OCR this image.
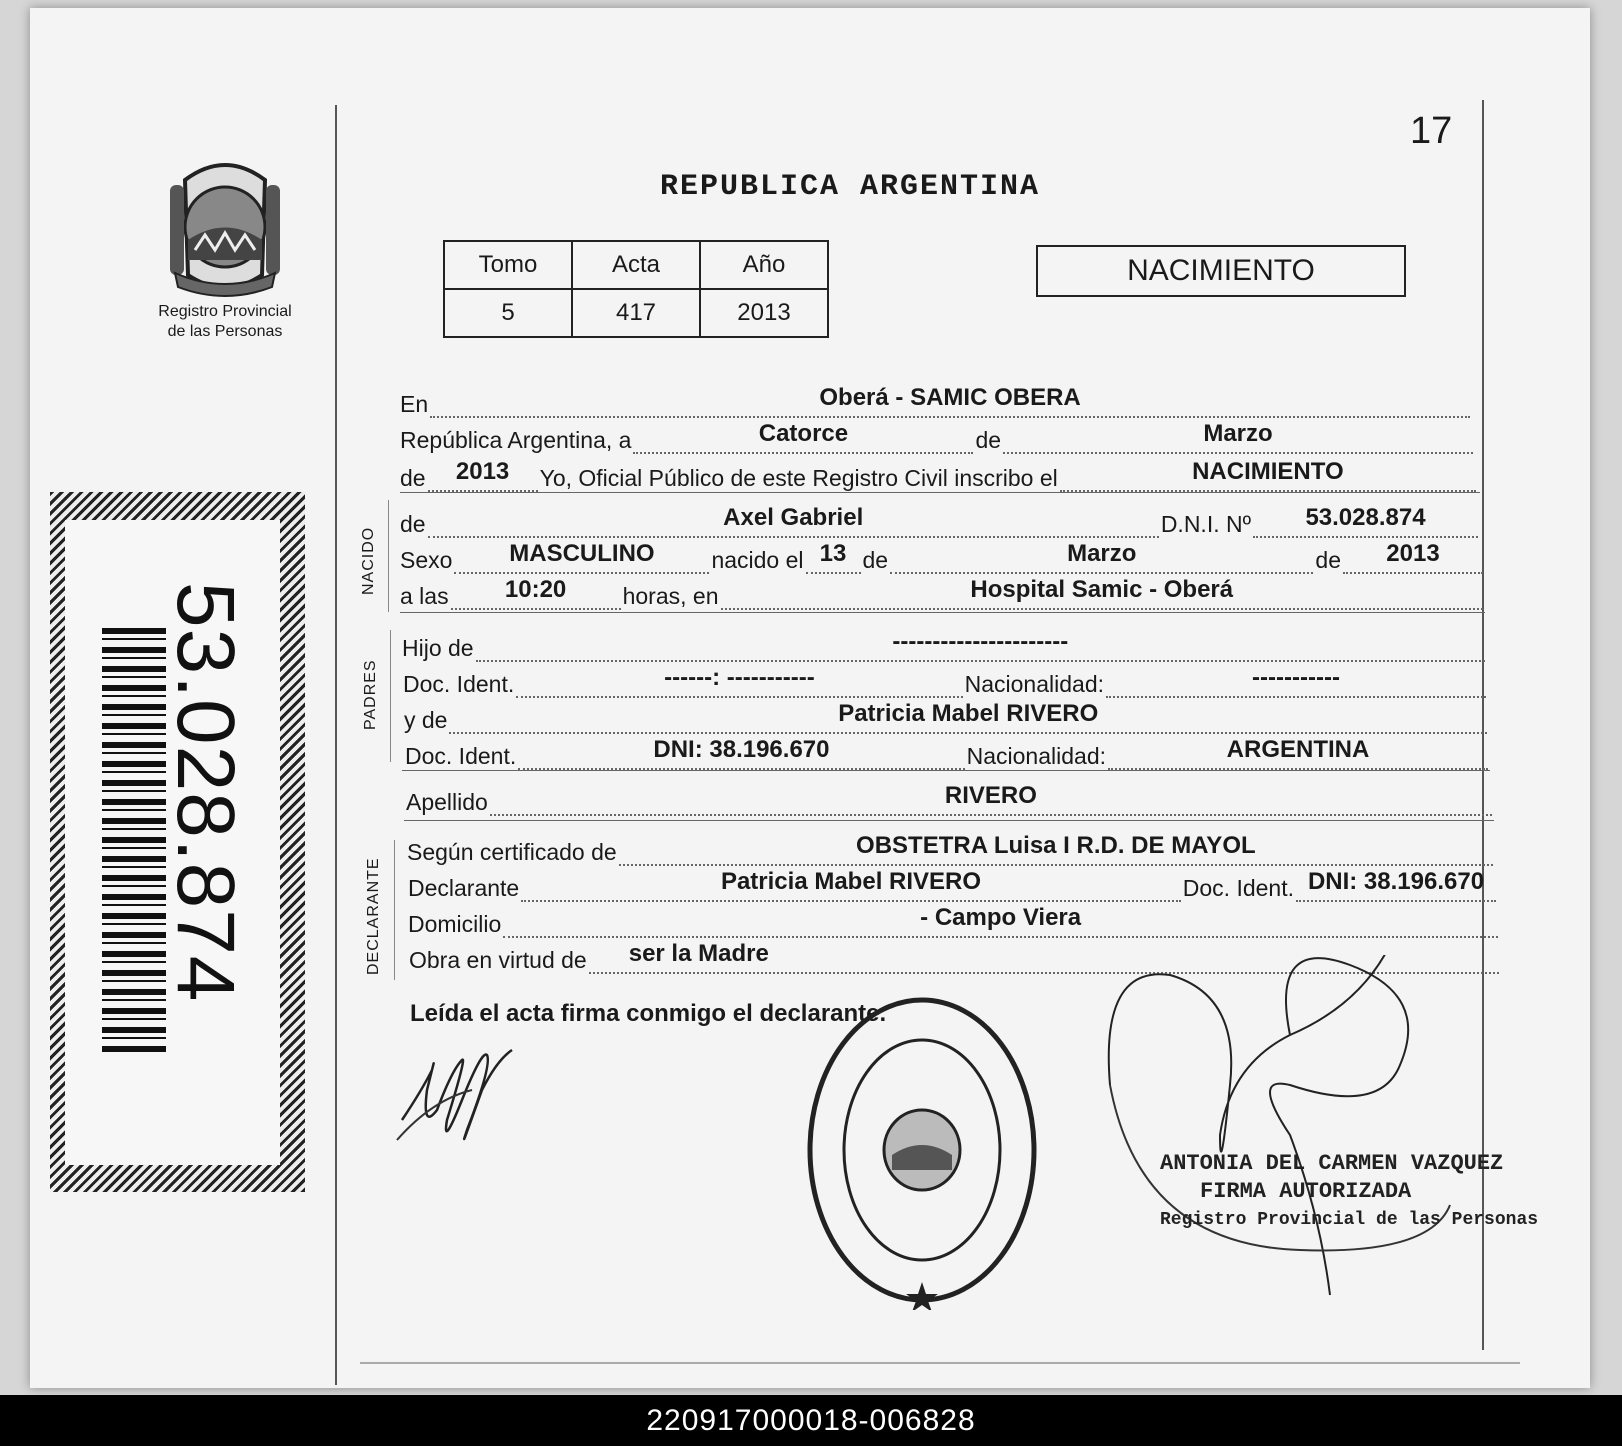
17
REPUBLICA ARGENTINA
Tomo	Acta	Año
5	417	2013
NACIMIENTO
Registro Provincial
de las Personas
53.028.874
NACIDO
PADRES
DECLARANTE
En	Oberá - SAMIC OBERA
República Argentina, a	Catorce	de	Marzo
de	2013	Yo, Oficial Público de este Registro Civil inscribo el	NACIMIENTO
de	Axel Gabriel	D.N.I. Nº	53.028.874
Sexo	MASCULINO	nacido el 13 de	Marzo	de	2013
a las	10:20	horas, en	Hospital Samic - Oberá
Hijo de	----------------------
Doc. Ident.	------: -----------	Nacionalidad:	-----------
y de	Patricia Mabel RIVERO
Doc. Ident.	DNI: 38.196.670	Nacionalidad:	ARGENTINA
Apellido	RIVERO
Según certificado de	OBSTETRA Luisa I R.D. DE MAYOL
Declarante	Patricia Mabel RIVERO	Doc. Ident. DNI: 38.196.670
Domicilio	- Campo Viera
Obra en virtud de ser la Madre
Leída el acta firma conmigo el declarante.
ANTONIA DEL CARMEN VAZQUEZ
FIRMA AUTORIZADA
Registro Provincial de las Personas
220917000018-006828
